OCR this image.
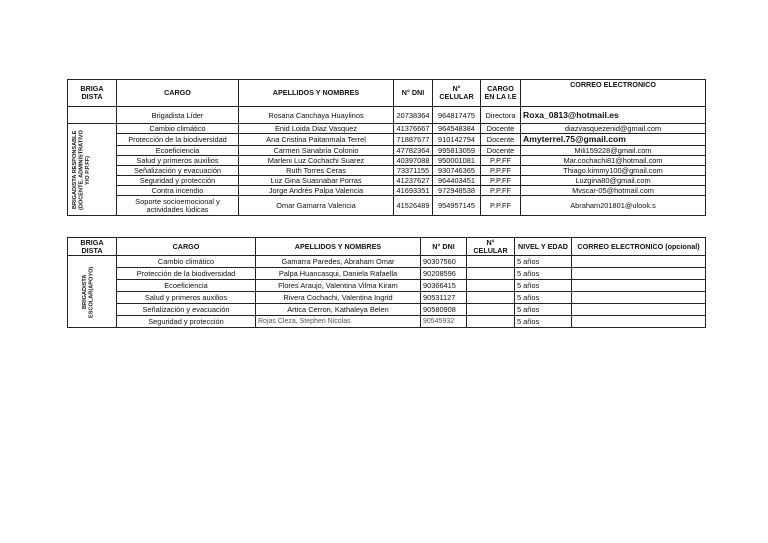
BRIGA DISTA	CARGO	APELLIDOS Y NOMBRES	N° DNI	N° CELULAR	CARGO EN LA I.E	CORREO ELECTRONICO
	Brigadista Líder	Rosana Canchaya Huaylinos	20738364	964817475	Directora	Roxa_0813@hotmail.es

BRIGADISTA RESPONSABLE (DOCENTE, ADMINISTRATIVO Y/O P.P.FF)	Cambio climático	Enid Loida Diaz Vasquez	41376667	964548384	Docente	diazvasquezenid@gmail.com
	Protección de la biodiversidad	Ana Cristina Paitanmala Terrel	71887677	910142794	Docente	Amyterrel.75@gmail.com
	Ecoeficiencia	Carmen Sanabria Colonio	47782364	995813059	Docente	Mili159228@gmail.com
	Salud y primeros auxilios	Marleni Luz Cochachi Suarez	40397088	950001081	P.P.FF	Mar.cochachi81@hotmail.com
	Señalización y evacuación	Ruth Torres Ceras	73371155	930746365	P.P.FF	Thiago.kimmy100@gmail.com
	Seguridad y protección	Luz Gina Suasnabar Porras	41237627	964403451	P.P.FF	Luzgina80@gmail.com
	Contra incendio	Jorge Andrés Palpa Valencia	41693351	972948538	P.P.FF	Mvscar-05@hotmail.com
	Soporte socioemocional y actividades lúdicas	Omar Gamarra Valencia	41526489	954957145	P.P.FF	Abraham201801@ulook.s
BRIGA DISTA	CARGO	APELLIDOS Y NOMBRES	N° DNI	N° CELULAR	NIVEL Y EDAD	CORREO ELECTRONICO (opcional)

BRIGADISTA ESCOLAR(APOYO)	Cambio climático	Gamarra Paredes, Abraham Omar	90307560		5 años	
	Protección de la biodiversidad	Palpa Huancasqui, Daniela Rafaella	90208596		5 años	
	Ecoeficiencia	Flores Araujo, Valentina Vilma Kiram	90366415		5 años	
	Salud y primeros auxilios	Rivera Cochachi, Valentina Ingrid	90531127		5 años	
	Señalización y evacuación	Artica Cerron, Kathaleya Belen	90580908		5 años	
	Seguridad y protección	Rojas Cleza, Stephen Nicolas	90545932		5 años	
